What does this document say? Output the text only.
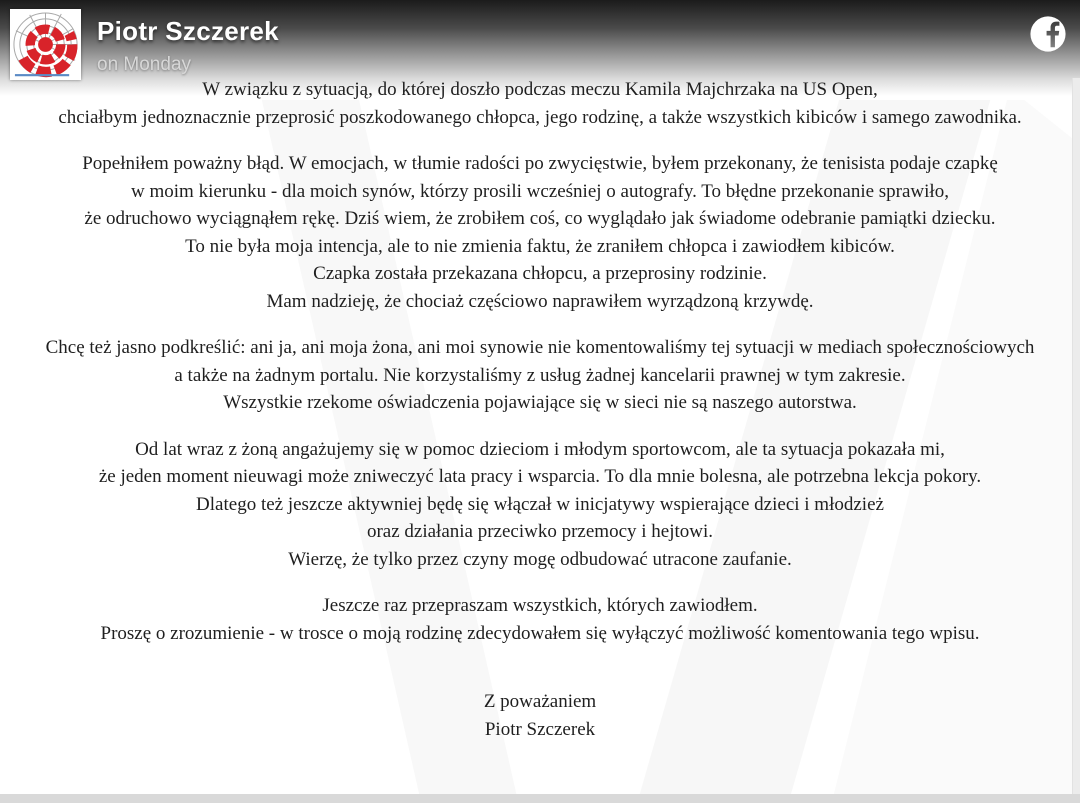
Piotr Szczerek
on Monday
W związku z sytuacją, do której doszło podczas meczu Kamila Majchrzaka na US Open,
chciałbym jednoznacznie przeprosić poszkodowanego chłopca, jego rodzinę, a także wszystkich kibiców i samego zawodnika.
Popełniłem poważny błąd. W emocjach, w tłumie radości po zwycięstwie, byłem przekonany, że tenisista podaje czapkę
w moim kierunku - dla moich synów, którzy prosili wcześniej o autografy. To błędne przekonanie sprawiło,
że odruchowo wyciągnąłem rękę. Dziś wiem, że zrobiłem coś, co wyglądało jak świadome odebranie pamiątki dziecku.
To nie była moja intencja, ale to nie zmienia faktu, że zraniłem chłopca i zawiodłem kibiców.
Czapka została przekazana chłopcu, a przeprosiny rodzinie.
Mam nadzieję, że chociaż częściowo naprawiłem wyrządzoną krzywdę.
Chcę też jasno podkreślić: ani ja, ani moja żona, ani moi synowie nie komentowaliśmy tej sytuacji w mediach społecznościowych
a także na żadnym portalu. Nie korzystaliśmy z usług żadnej kancelarii prawnej w tym zakresie.
Wszystkie rzekome oświadczenia pojawiające się w sieci nie są naszego autorstwa.
Od lat wraz z żoną angażujemy się w pomoc dzieciom i młodym sportowcom, ale ta sytuacja pokazała mi,
że jeden moment nieuwagi może zniweczyć lata pracy i wsparcia. To dla mnie bolesna, ale potrzebna lekcja pokory.
Dlatego też jeszcze aktywniej będę się włączał w inicjatywy wspierające dzieci i młodzież
oraz działania przeciwko przemocy i hejtowi.
Wierzę, że tylko przez czyny mogę odbudować utracone zaufanie.
Jeszcze raz przepraszam wszystkich, których zawiodłem.
Proszę o zrozumienie - w trosce o moją rodzinę zdecydowałem się wyłączyć możliwość komentowania tego wpisu.
Z poważaniem
Piotr Szczerek
